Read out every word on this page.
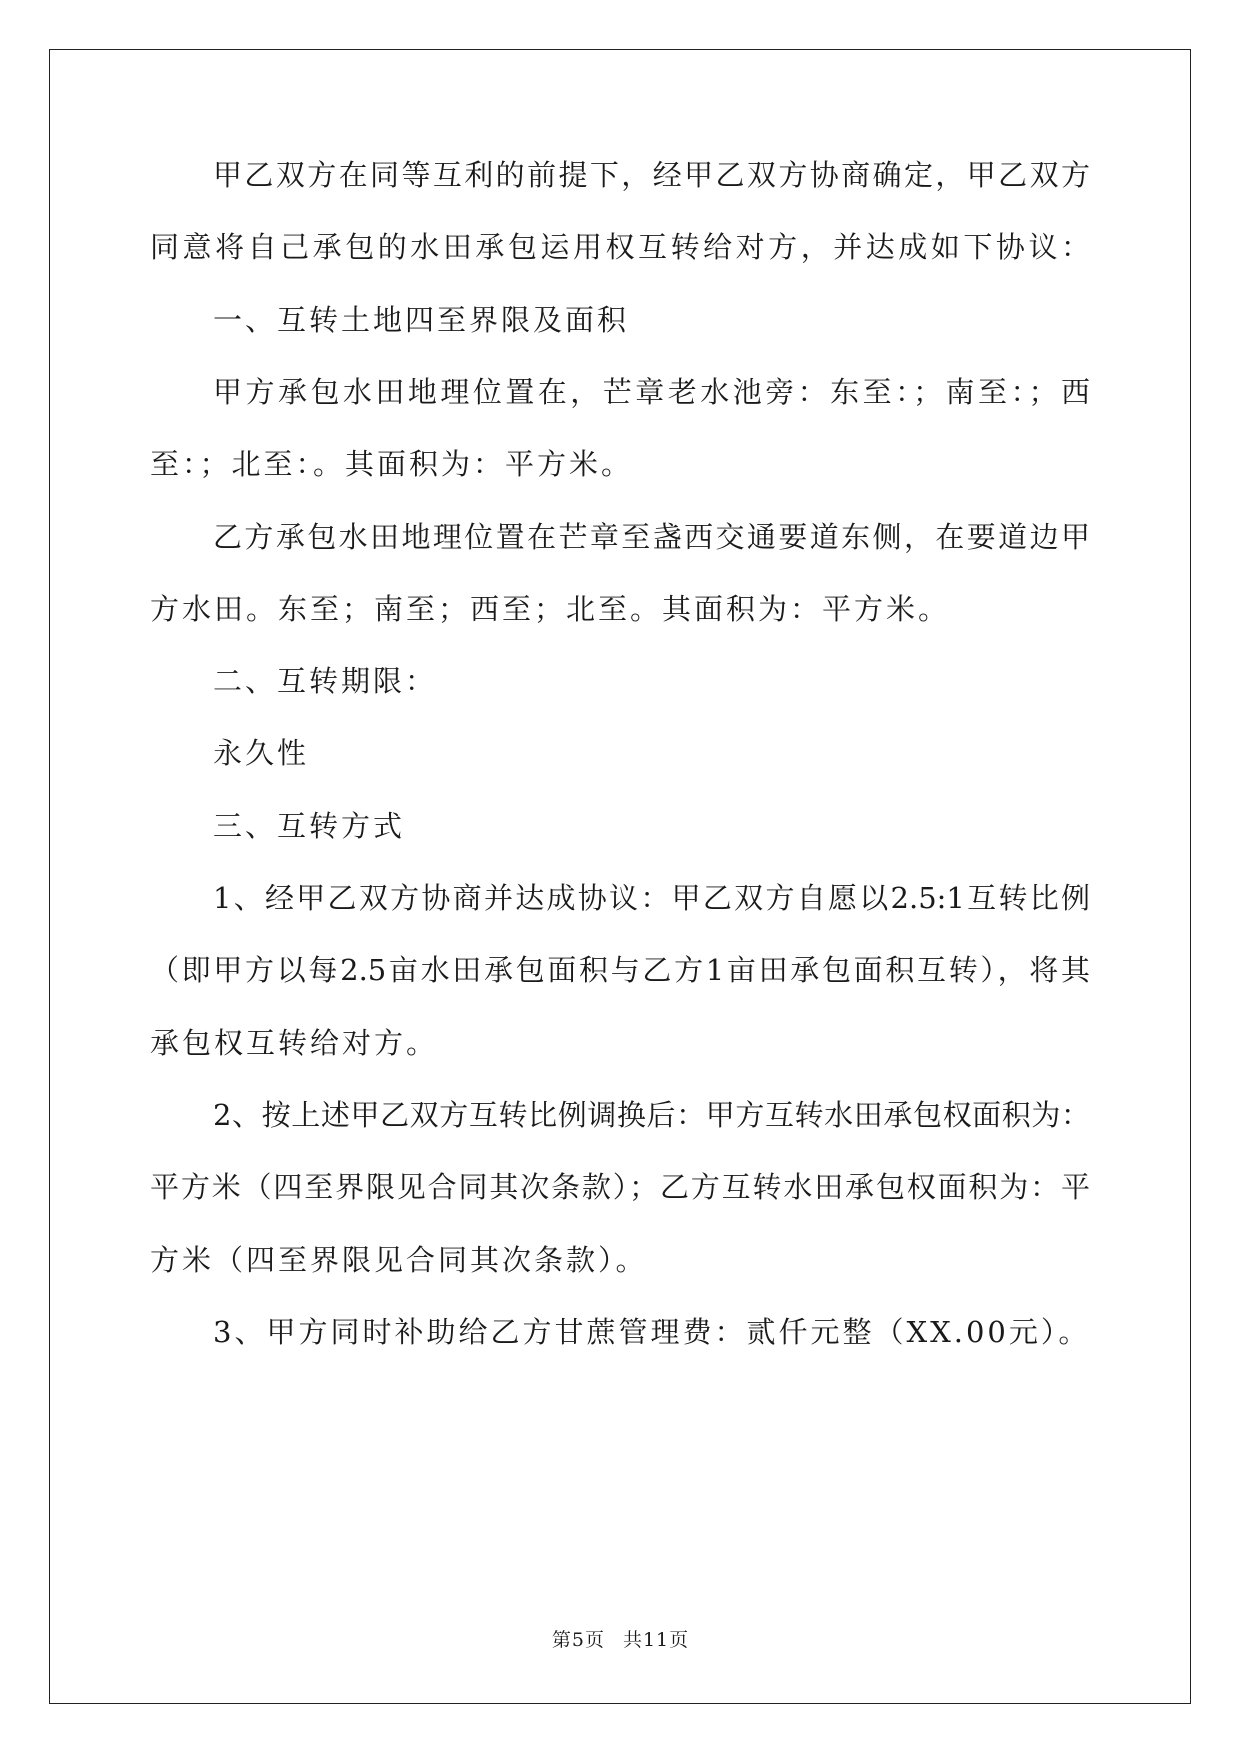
甲乙双方在同等互利的前提下，经甲乙双方协商确定，甲乙双方
同意将自己承包的水田承包运用权互转给对方，并达成如下协议：
一、互转土地四至界限及面积
甲方承包水田地理位置在，芒章老水池旁：东至：；南至：；西
至：；北至：。其面积为：平方米。
乙方承包水田地理位置在芒章至盏西交通要道东侧，在要道边甲
方水田。东至；南至；西至；北至。其面积为：平方米。
二、互转期限：
永久性
三、互转方式
1、经甲乙双方协商并达成协议：甲乙双方自愿以2.5:1互转比例
（即甲方以每2.5亩水田承包面积与乙方1亩田承包面积互转），将其
承包权互转给对方。
2、按上述甲乙双方互转比例调换后：甲方互转水田承包权面积为：
平方米（四至界限见合同其次条款）；乙方互转水田承包权面积为：平
方米（四至界限见合同其次条款）。
3、甲方同时补助给乙方甘蔗管理费：贰仟元整（XX.00元）。
第5页 共11页
